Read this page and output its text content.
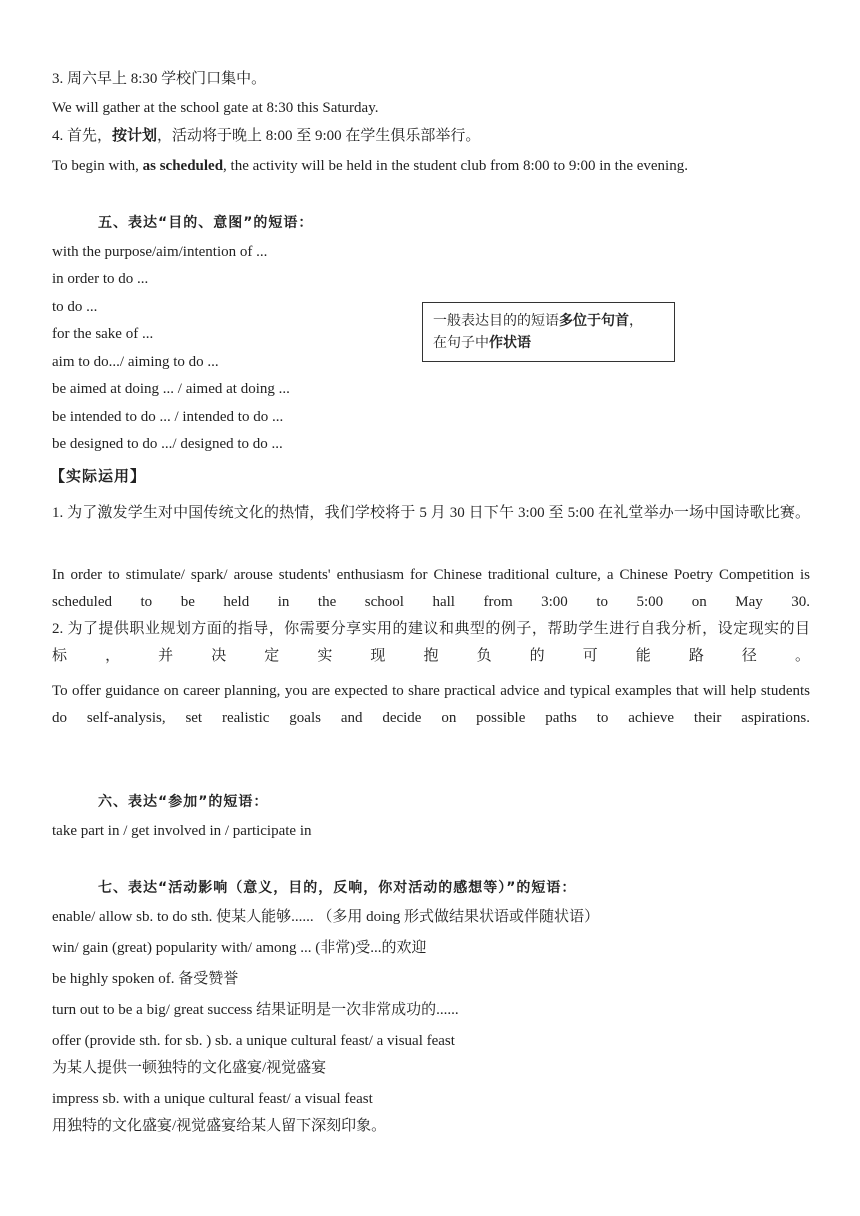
3. 周六早上 8:30 学校门口集中。
We will gather at the school gate at 8:30 this Saturday.
4. 首先，按计划，活动将于晚上 8:00 至 9:00 在学生俱乐部举行。
To begin with, as scheduled, the activity will be held in the student club from 8:00 to 9:00 in the evening.
五、表达“目的、意图”的短语：
with the purpose/aim/intention of ...
in order to do ...
to do ...
for the sake of ...
aim to do.../ aiming to do ...
be aimed at doing ... / aimed at doing ...
be intended to do ... / intended to do ...
be designed to do .../ designed to do ...
一般表达目的的短语多位于句首，
在句子中作状语
【实际运用】
1. 为了激发学生对中国传统文化的热情，我们学校将于 5 月 30 日下午 3:00 至 5:00 在礼堂举办一场中国诗歌比赛。
In order to stimulate/ spark/ arouse students' enthusiasm for Chinese traditional culture, a Chinese Poetry Competition is scheduled to be held in the school hall from 3:00 to 5:00 on May 30.
2. 为了提供职业规划方面的指导，你需要分享实用的建议和典型的例子，帮助学生进行自我分析，设定现实的目标，并决定实现抱负的可能路径。
To offer guidance on career planning, you are expected to share practical advice and typical examples that will help students do self-analysis, set realistic goals and decide on possible paths to achieve their aspirations.
六、表达“参加”的短语：
take part in / get involved in / participate in
七、表达“活动影响（意义，目的，反响，你对活动的感想等）”的短语：
enable/ allow sb. to do sth. 使某人能够...... （多用 doing 形式做结果状语或伴随状语）
win/ gain (great) popularity with/ among ... (非常)受...的欢迎
be highly spoken of. 备受赞誉
turn out to be a big/ great success 结果证明是一次非常成功的......
offer (provide sth. for sb. ) sb. a unique cultural feast/ a visual feast
为某人提供一顿独特的文化盛宴/视觉盛宴
impress sb. with a unique cultural feast/ a visual feast
用独特的文化盛宴/视觉盛宴给某人留下深刻印象。
